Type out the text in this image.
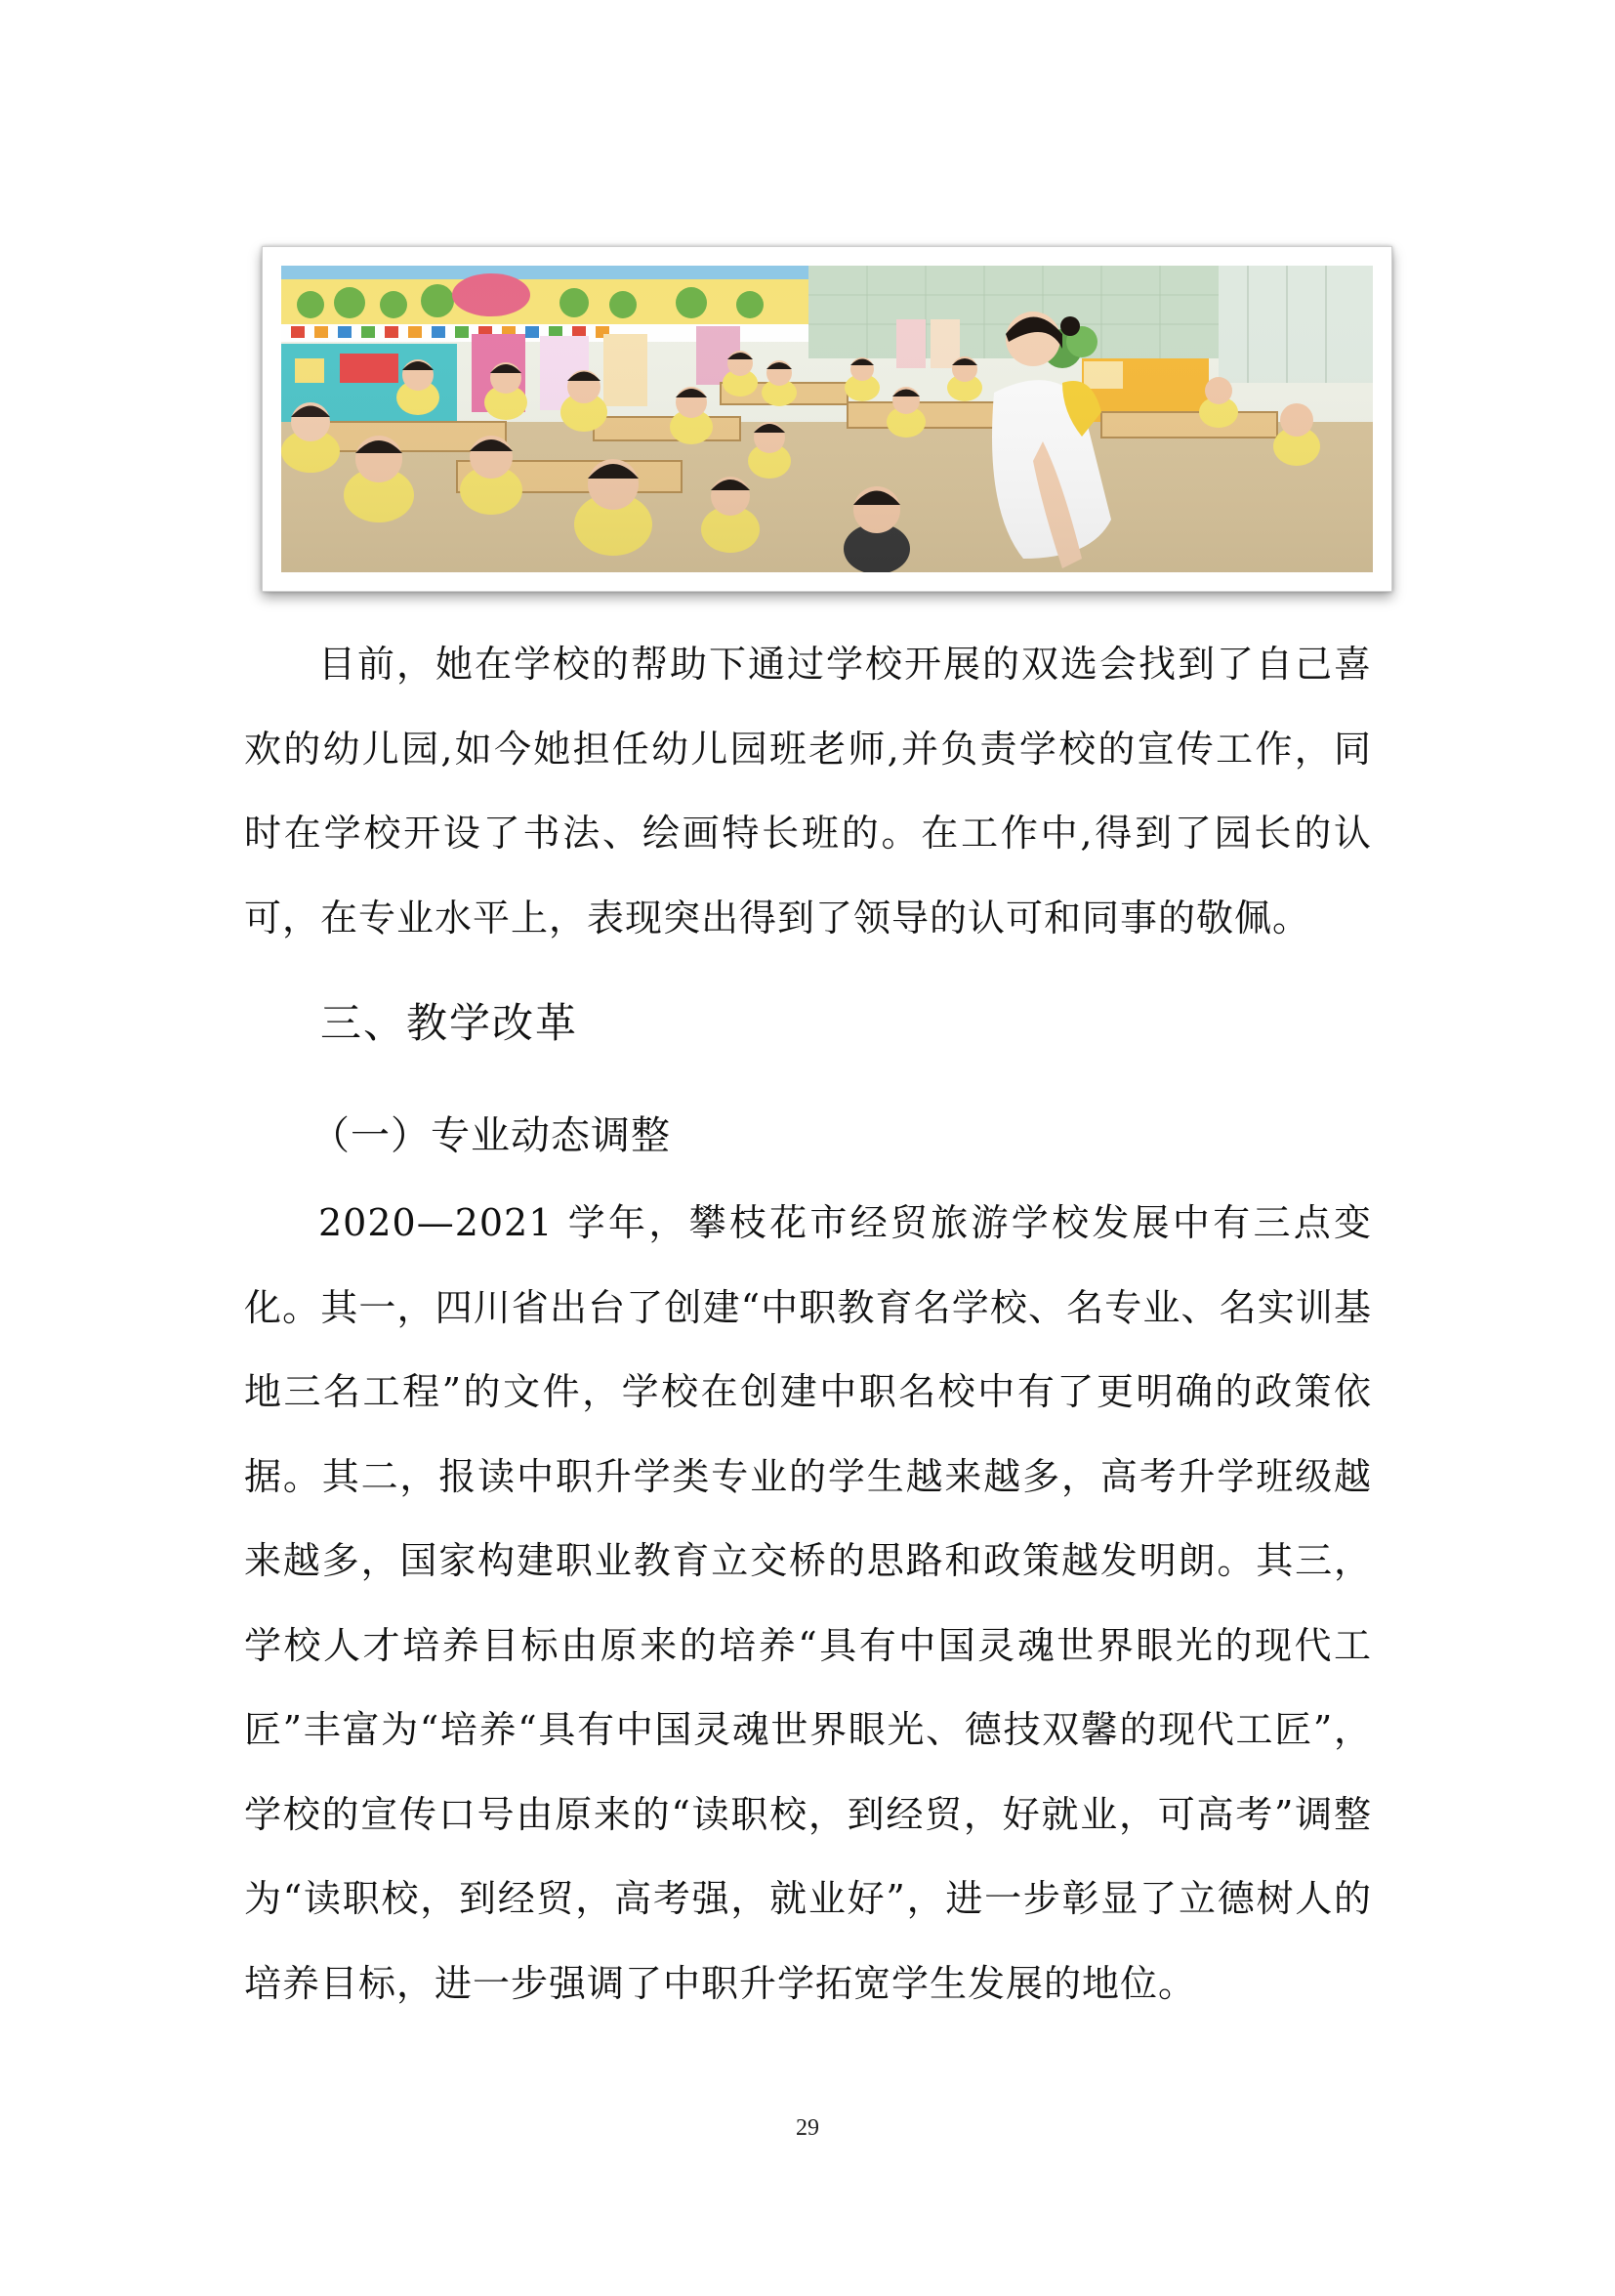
目前，她在学校的帮助下通过学校开展的双选会找到了自己喜欢的幼儿园,如今她担任幼儿园班老师,并负责学校的宣传工作，同时在学校开设了书法、绘画特长班的。在工作中,得到了园长的认可，在专业水平上，表现突出得到了领导的认可和同事的敬佩。

三、教学改革
（一）专业动态调整

2020—2021 学年，攀枝花市经贸旅游学校发展中有三点变化。其一，四川省出台了创建“中职教育名学校、名专业、名实训基地三名工程”的文件，学校在创建中职名校中有了更明确的政策依据。其二，报读中职升学类专业的学生越来越多，高考升学班级越来越多，国家构建职业教育立交桥的思路和政策越发明朗。其三，学校人才培养目标由原来的培养“具有中国灵魂世界眼光的现代工匠”丰富为“培养“具有中国灵魂世界眼光、德技双馨的现代工匠”，学校的宣传口号由原来的“读职校，到经贸，好就业，可高考”调整为“读职校，到经贸，高考强，就业好”，进一步彰显了立德树人的培养目标，进一步强调了中职升学拓宽学生发展的地位。

29
